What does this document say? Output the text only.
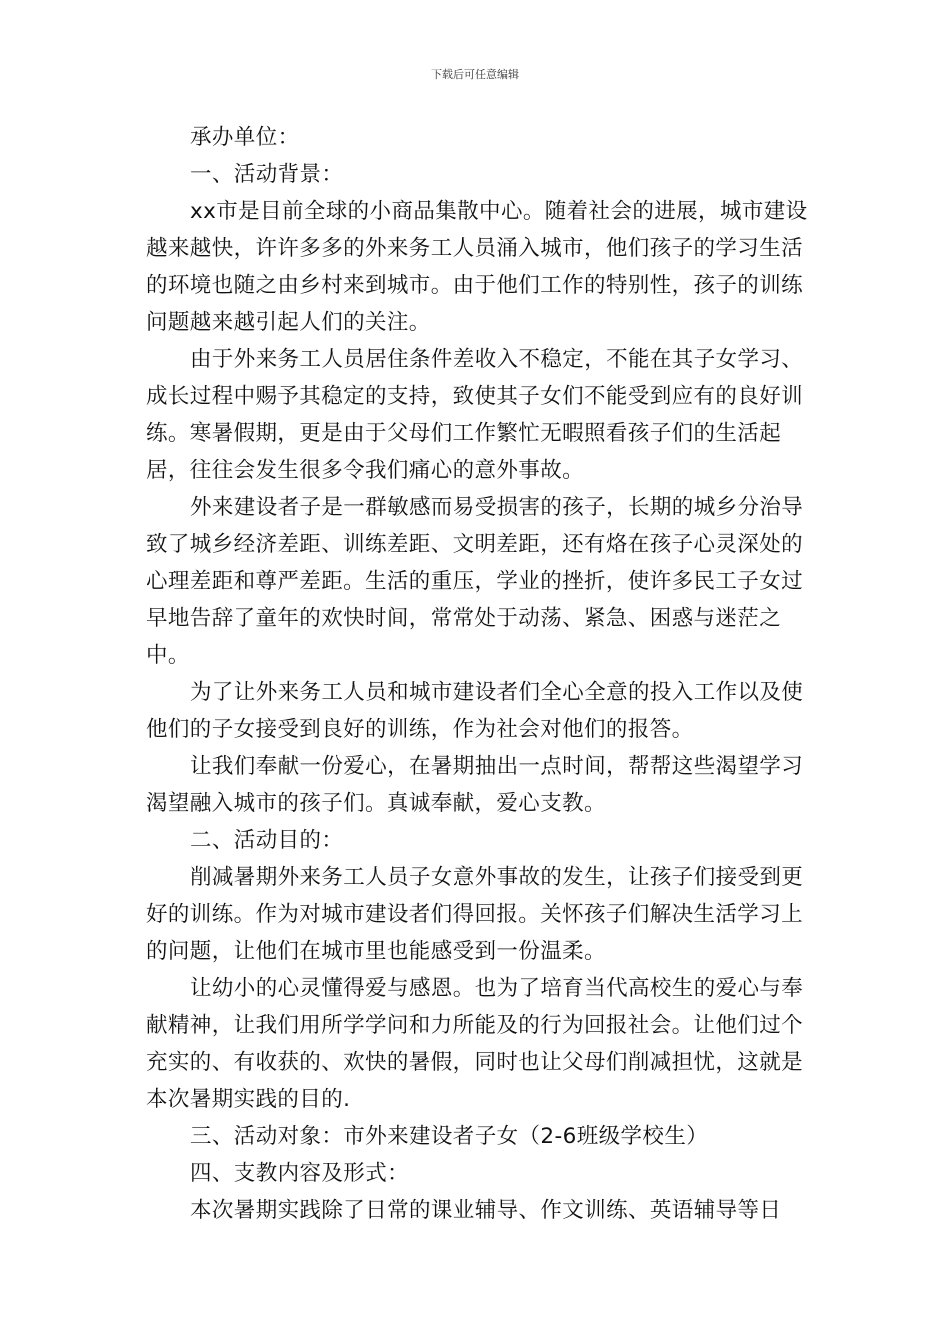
下载后可任意编辑

承办单位：

一、活动背景：

xx市是目前全球的小商品集散中心。随着社会的进展，城市建设越来越快，许许多多的外来务工人员涌入城市，他们孩子的学习生活的环境也随之由乡村来到城市。由于他们工作的特别性，孩子的训练问题越来越引起人们的关注。

由于外来务工人员居住条件差收入不稳定，不能在其子女学习、成长过程中赐予其稳定的支持，致使其子女们不能受到应有的良好训练。寒暑假期，更是由于父母们工作繁忙无暇照看孩子们的生活起居，往往会发生很多令我们痛心的意外事故。

外来建设者子是一群敏感而易受损害的孩子，长期的城乡分治导致了城乡经济差距、训练差距、文明差距，还有烙在孩子心灵深处的心理差距和尊严差距。生活的重压，学业的挫折，使许多民工子女过早地告辞了童年的欢快时间，常常处于动荡、紧急、困惑与迷茫之中。

为了让外来务工人员和城市建设者们全心全意的投入工作以及使他们的子女接受到良好的训练，作为社会对他们的报答。

让我们奉献一份爱心，在暑期抽出一点时间，帮帮这些渴望学习渴望融入城市的孩子们。真诚奉献，爱心支教。

二、活动目的：

削减暑期外来务工人员子女意外事故的发生，让孩子们接受到更好的训练。作为对城市建设者们得回报。关怀孩子们解决生活学习上的问题，让他们在城市里也能感受到一份温柔。

让幼小的心灵懂得爱与感恩。也为了培育当代高校生的爱心与奉献精神，让我们用所学学问和力所能及的行为回报社会。让他们过个充实的、有收获的、欢快的暑假，同时也让父母们削减担忧，这就是本次暑期实践的目的.

三、活动对象：市外来建设者子女（2-6班级学校生）

四、支教内容及形式：

本次暑期实践除了日常的课业辅导、作文训练、英语辅导等日
